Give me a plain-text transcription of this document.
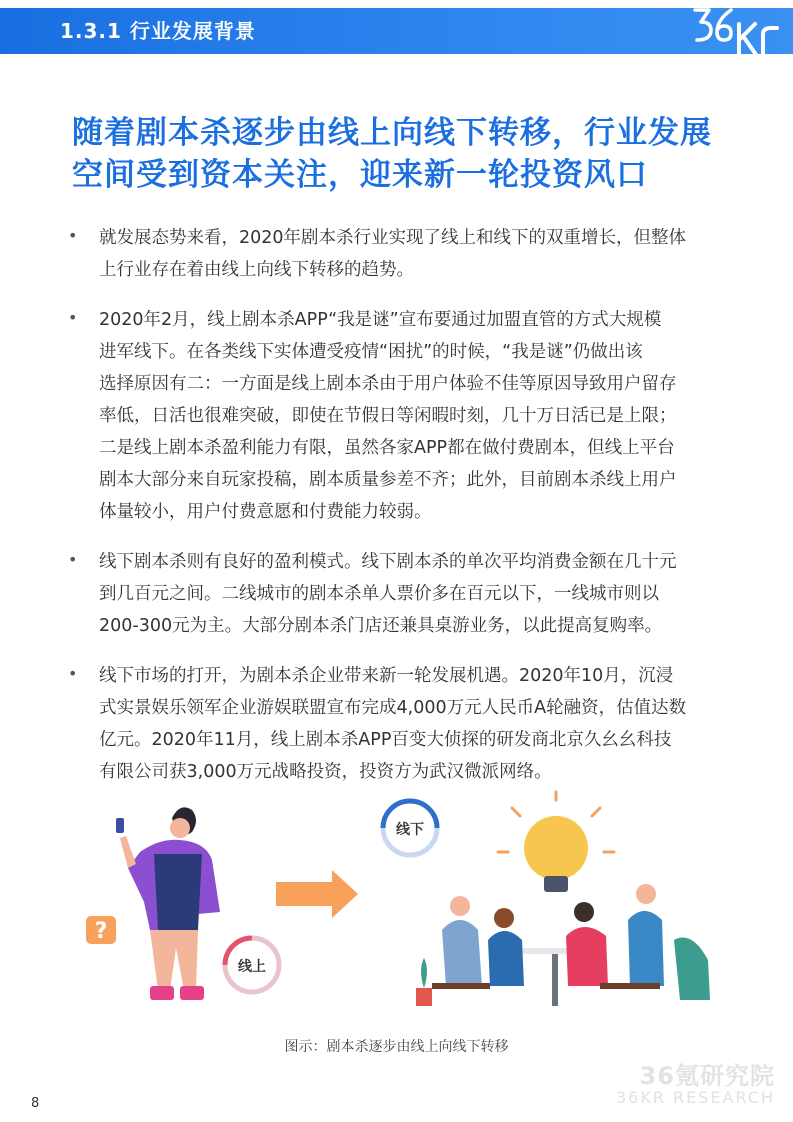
1.3.1 行业发展背景
随着剧本杀逐步由线上向线下转移，行业发展
空间受到资本关注，迎来新一轮投资风口
• 就发展态势来看，2020年剧本杀行业实现了线上和线下的双重增长，但整体
上行业存在着由线上向线下转移的趋势。
• 2020年2月，线上剧本杀APP“我是谜”宣布要通过加盟直管的方式大规模
进军线下。在各类线下实体遭受疫情“困扰”的时候，“我是谜”仍做出该
选择原因有二：一方面是线上剧本杀由于用户体验不佳等原因导致用户留存
率低，日活也很难突破，即使在节假日等闲暇时刻，几十万日活已是上限；
二是线上剧本杀盈利能力有限，虽然各家APP都在做付费剧本，但线上平台
剧本大部分来自玩家投稿，剧本质量参差不齐；此外，目前剧本杀线上用户
体量较小，用户付费意愿和付费能力较弱。
• 线下剧本杀则有良好的盈利模式。线下剧本杀的单次平均消费金额在几十元
到几百元之间。二线城市的剧本杀单人票价多在百元以下，一线城市则以
200-300元为主。大部分剧本杀门店还兼具桌游业务，以此提高复购率。
• 线下市场的打开，为剧本杀企业带来新一轮发展机遇。2020年10月，沉浸
式实景娱乐领军企业游娱联盟宣布完成4,000万元人民币A轮融资，估值达数
亿元。2020年11月，线上剧本杀APP百变大侦探的研发商北京久幺幺科技
有限公司获3,000万元战略投资，投资方为武汉微派网络。
?
线上
线下
图示：剧本杀逐步由线上向线下转移
36氪研究院
36KR RESEARCH
8
